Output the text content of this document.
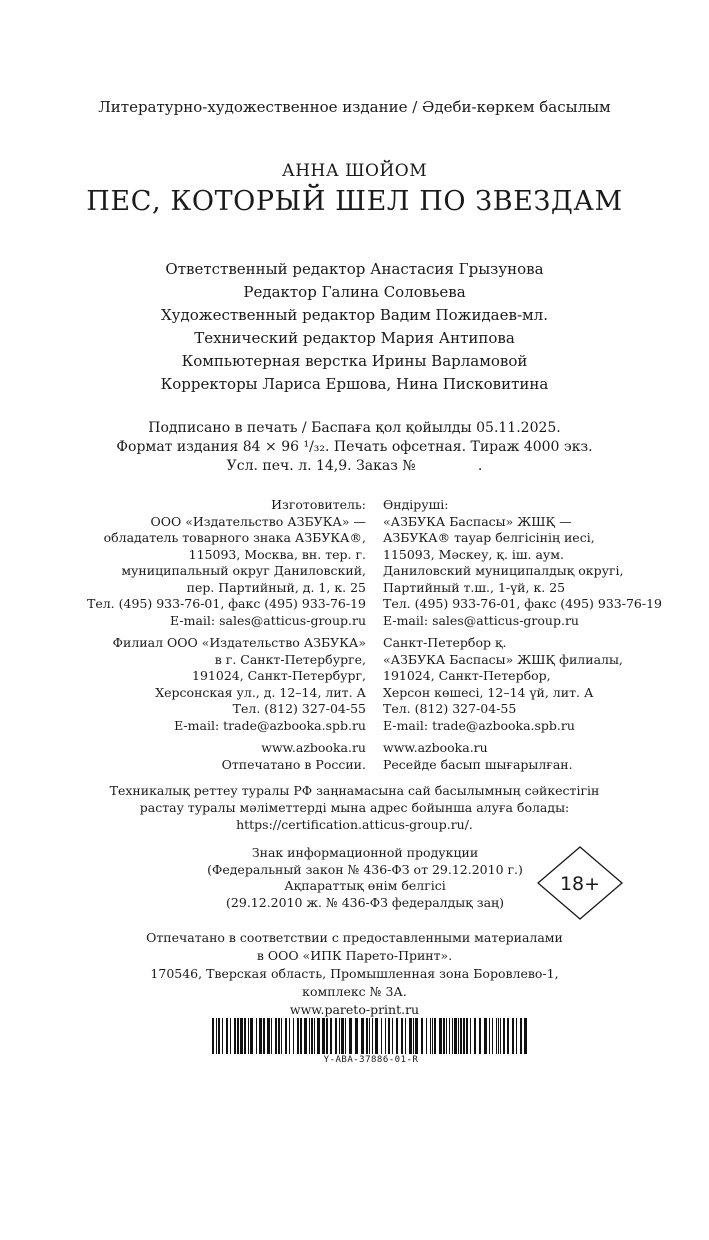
Литературно-художественное издание / Әдеби-көркем басылым
АННА ШОЙОМ
ПЕС, КОТОРЫЙ ШЕЛ ПО ЗВЕЗДАМ
Ответственный редактор Анастасия Грызунова
Редактор Галина Соловьева
Художественный редактор Вадим Пожидаев-мл.
Технический редактор Мария Антипова
Компьютерная верстка Ирины Варламовой
Корректоры Лариса Ершова, Нина Писковитина
Подписано в печать / Баспаға қол қойылды 05.11.2025.
Формат издания 84 × 96 ¹/₃₂. Печать офсетная. Тираж 4000 экз.
Усл. печ. л. 14,9. Заказ №              .
Изготовитель:
ООО «Издательство АЗБУКА» —
обладатель товарного знака АЗБУКА®,
115093, Москва, вн. тер. г.
муниципальный округ Даниловский,
пер. Партийный, д. 1, к. 25
Тел. (495) 933-76-01, факс (495) 933-76-19
E-mail: sales@atticus-group.ru
Филиал ООО «Издательство АЗБУКА»
в г. Санкт-Петербурге,
191024, Санкт-Петербург,
Херсонская ул., д. 12–14, лит. А
Тел. (812) 327-04-55
E-mail: trade@azbooka.spb.ru
www.azbooka.ru
Отпечатано в России.
Өндіруші:
«АЗБУКА Баспасы» ЖШҚ —
АЗБУКА® тауар белгісінің иесі,
115093, Мәскеу, қ. іш. аум.
Даниловский муниципалдық округі,
Партийный т.ш., 1-үй, к. 25
Тел. (495) 933-76-01, факс (495) 933-76-19
E-mail: sales@atticus-group.ru
Санкт-Петербор қ.
«АЗБУКА Баспасы» ЖШҚ филиалы,
191024, Санкт-Петербор,
Херсон көшесі, 12–14 үй, лит. А
Тел. (812) 327-04-55
E-mail: trade@azbooka.spb.ru
www.azbooka.ru
Ресейде басып шығарылған.
Техникалық реттеу туралы РФ заңнамасына сай басылымның сәйкестігін
растау туралы мәліметтерді мына адрес бойынша алуға болады:
https://certification.atticus-group.ru/.
Знак информационной продукции
(Федеральный закон № 436-ФЗ от 29.12.2010 г.)
Ақпараттық өнім белгісі
(29.12.2010 ж. № 436-ФЗ федералдық заң)
18+
Отпечатано в соответствии с предоставленными материалами
в ООО «ИПК Парето-Принт».
170546, Тверская область, Промышленная зона Боровлево-1,
комплекс № 3А.
www.pareto-print.ru
Y-ABA-37886-01-R
